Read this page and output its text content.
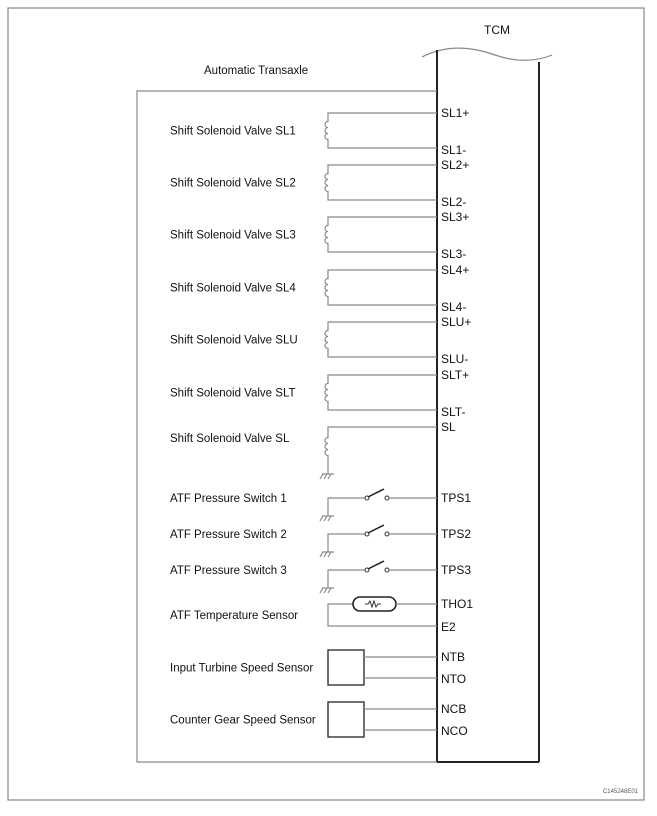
TCM
Automatic Transaxle
C145248E01
Shift Solenoid Valve SL1
SL1+
SL1-
Shift Solenoid Valve SL2
SL2+
SL2-
Shift Solenoid Valve SL3
SL3+
SL3-
Shift Solenoid Valve SL4
SL4+
SL4-
Shift Solenoid Valve SLU
SLU+
SLU-
Shift Solenoid Valve SLT
SLT+
SLT-
Shift Solenoid Valve SL
SL
ATF Pressure Switch 1	TPS1
ATF Pressure Switch 2	TPS2
ATF Pressure Switch 3	TPS3
ATF Temperature Sensor
THO1
E2
Input Turbine Speed Sensor
NTB
NTO
Counter Gear Speed Sensor
NCB
NCO
